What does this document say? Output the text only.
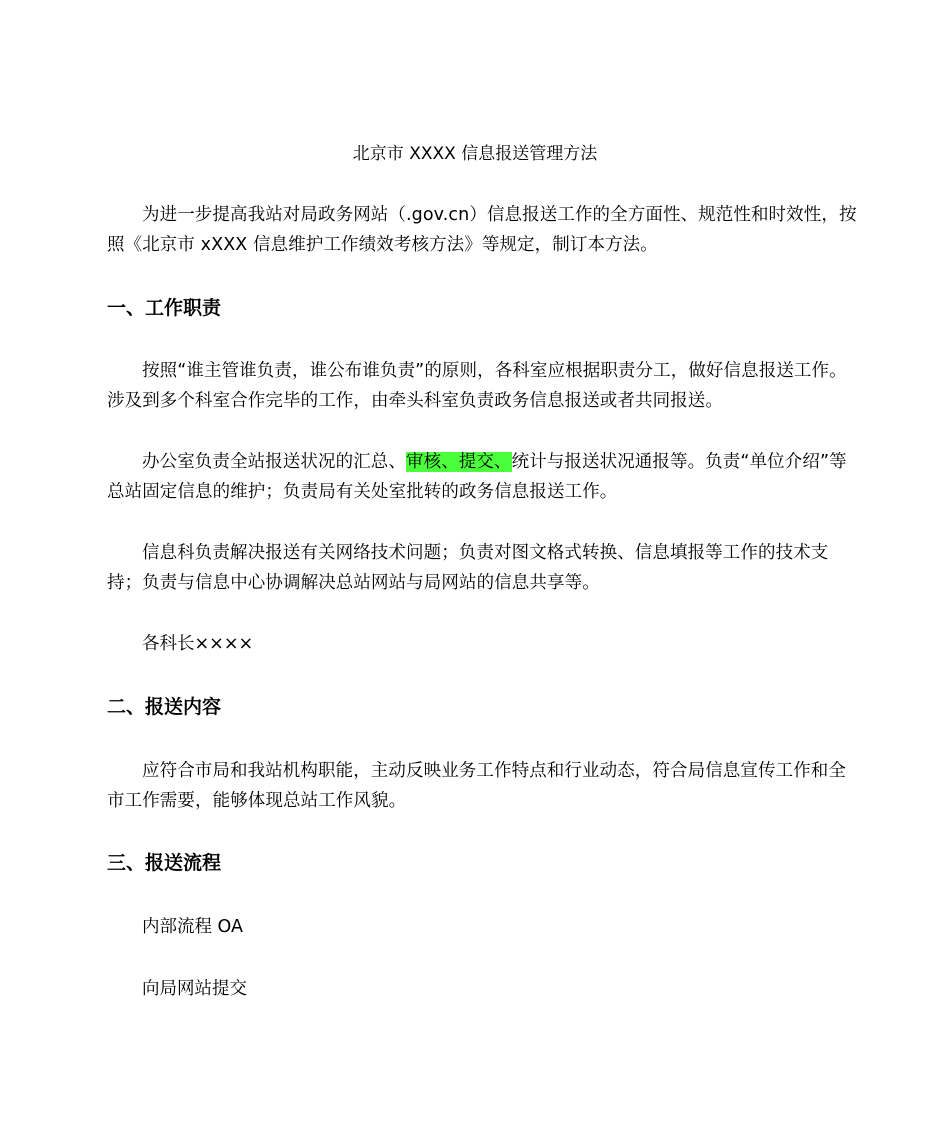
北京市 XXXX 信息报送管理方法
为进一步提高我站对局政务网站（.gov.cn）信息报送工作的全方面性、规范性和时效性，按照《北京市 xXXX 信息维护工作绩效考核方法》等规定，制订本方法。
一、工作职责
按照“谁主管谁负责，谁公布谁负责”的原则，各科室应根据职责分工，做好信息报送工作。涉及到多个科室合作完毕的工作，由牵头科室负责政务信息报送或者共同报送。
办公室负责全站报送状况的汇总、审核、提交、统计与报送状况通报等。负责“单位介绍”等总站固定信息的维护；负责局有关处室批转的政务信息报送工作。
信息科负责解决报送有关网络技术问题；负责对图文格式转换、信息填报等工作的技术支持；负责与信息中心协调解决总站网站与局网站的信息共享等。
各科长××××
二、报送内容
应符合市局和我站机构职能，主动反映业务工作特点和行业动态，符合局信息宣传工作和全市工作需要，能够体现总站工作风貌。
三、报送流程
内部流程 OA
向局网站提交
